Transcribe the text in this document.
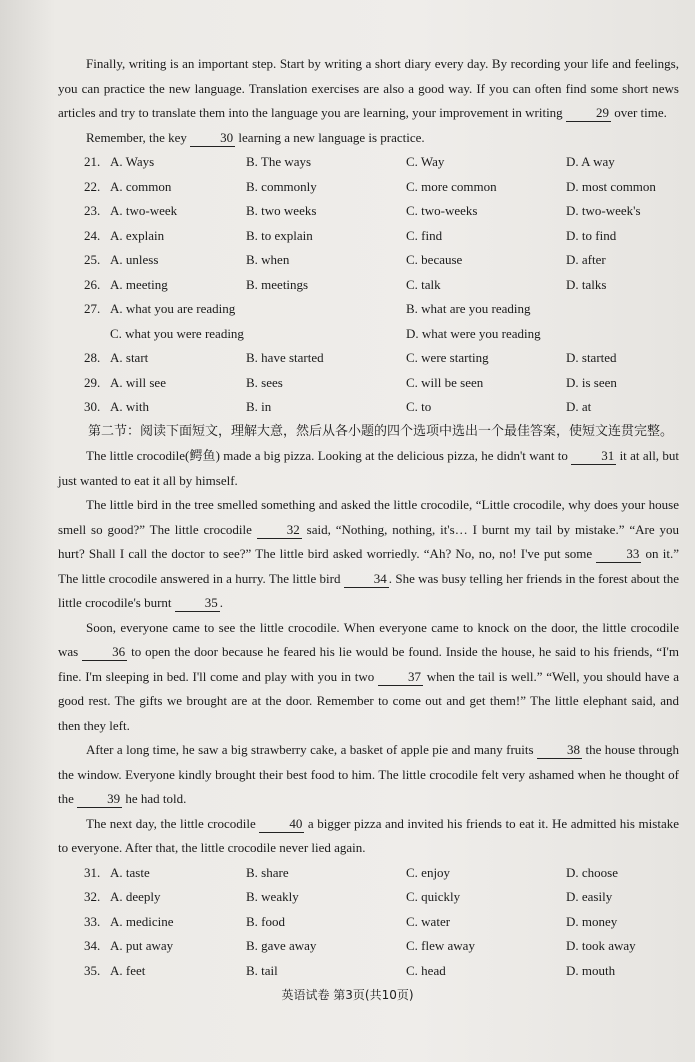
Finally, writing is an important step. Start by writing a short diary every day. By recording your life and feelings, you can practice the new language. Translation exercises are also a good way. If you can often find some short news articles and try to translate them into the language you are learning, your improvement in writing 29 over time.

Remember, the key 30 learning a new language is practice.

21. A. Ways	B. The ways	C. Way	D. A way
22. A. common	B. commonly	C. more common	D. most common
23. A. two-week	B. two weeks	C. two-weeks	D. two-week's
24. A. explain	B. to explain	C. find	D. to find
25. A. unless	B. when	C. because	D. after
26. A. meeting	B. meetings	C. talk	D. talks
27. A. what you are reading	B. what are you reading
C. what you were reading	D. what were you reading
28. A. start	B. have started	C. were starting	D. started
29. A. will see	B. sees	C. will be seen	D. is seen
30. A. with	B. in	C. to	D. at

第二节：阅读下面短文，理解大意，然后从各小题的四个选项中选出一个最佳答案，使短文连贯完整。

The little crocodile(鳄鱼) made a big pizza. Looking at the delicious pizza, he didn't want to 31 it at all, but just wanted to eat it all by himself.

The little bird in the tree smelled something and asked the little crocodile, “Little crocodile, why does your house smell so good?” The little crocodile 32 said, “Nothing, nothing, it's… I burnt my tail by mistake.” “Are you hurt? Shall I call the doctor to see?” The little bird asked worriedly. “Ah? No, no, no! I've put some 33 on it.” The little crocodile answered in a hurry. The little bird 34 . She was busy telling her friends in the forest about the little crocodile's burnt 35 .

Soon, everyone came to see the little crocodile. When everyone came to knock on the door, the little crocodile was 36 to open the door because he feared his lie would be found. Inside the house, he said to his friends, “I'm fine. I'm sleeping in bed. I'll come and play with you in two 37 when the tail is well.” “Well, you should have a good rest. The gifts we brought are at the door. Remember to come out and get them!” The little elephant said, and then they left.

After a long time, he saw a big strawberry cake, a basket of apple pie and many fruits 38 the house through the window. Everyone kindly brought their best food to him. The little crocodile felt very ashamed when he thought of the 39 he had told.

The next day, the little crocodile 40 a bigger pizza and invited his friends to eat it. He admitted his mistake to everyone. After that, the little crocodile never lied again.

31. A. taste	B. share	C. enjoy	D. choose
32. A. deeply	B. weakly	C. quickly	D. easily
33. A. medicine	B. food	C. water	D. money
34. A. put away	B. gave away	C. flew away	D. took away
35. A. feet	B. tail	C. head	D. mouth
英语试卷 第3页(共10页)
